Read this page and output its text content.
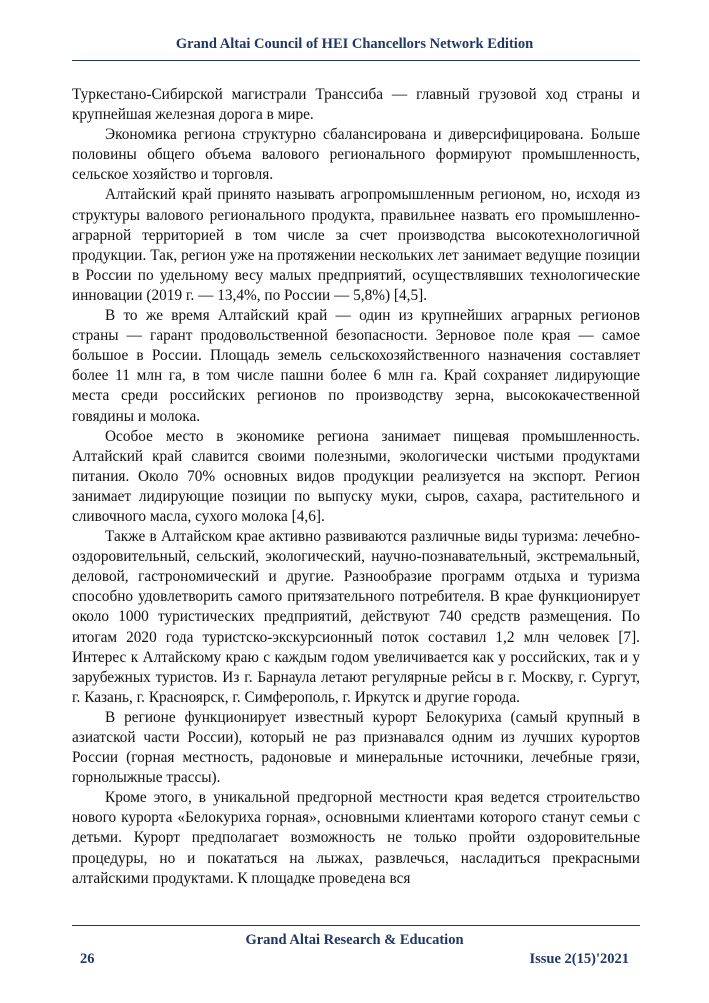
Grand Altai Council of HEI Chancellors Network Edition

Туркестано-Сибирской магистрали Транссиба — главный грузовой ход страны и крупнейшая железная дорога в мире.

Экономика региона структурно сбалансирована и диверсифицирована. Больше половины общего объема валового регионального формируют промышленность, сельское хозяйство и торговля.

Алтайский край принято называть агропромышленным регионом, но, исходя из структуры валового регионального продукта, правильнее назвать его промышленно-аграрной территорией в том числе за счет производства высокотехнологичной продукции. Так, регион уже на протяжении нескольких лет занимает ведущие позиции в России по удельному весу малых предприятий, осуществлявших технологические инновации (2019 г. — 13,4%, по России — 5,8%) [4,5].

В то же время Алтайский край — один из крупнейших аграрных регионов страны — гарант продовольственной безопасности. Зерновое поле края — самое большое в России. Площадь земель сельскохозяйственного назначения составляет более 11 млн га, в том числе пашни более 6 млн га. Край сохраняет лидирующие места среди российских регионов по производству зерна, высококачественной говядины и молока.

Особое место в экономике региона занимает пищевая промышленность. Алтайский край славится своими полезными, экологически чистыми продуктами питания. Около 70% основных видов продукции реализуется на экспорт. Регион занимает лидирующие позиции по выпуску муки, сыров, сахара, растительного и сливочного масла, сухого молока [4,6].

Также в Алтайском крае активно развиваются различные виды туризма: лечебно-оздоровительный, сельский, экологический, научно-познавательный, экстремальный, деловой, гастрономический и другие. Разнообразие программ отдыха и туризма способно удовлетворить самого притязательного потребителя. В крае функционирует около 1000 туристических предприятий, действуют 740 средств размещения. По итогам 2020 года туристско-экскурсионный поток составил 1,2 млн человек [7]. Интерес к Алтайскому краю с каждым годом увеличивается как у российских, так и у зарубежных туристов. Из г. Барнаула летают регулярные рейсы в г. Москву, г. Сургут, г. Казань, г. Красноярск, г. Симферополь, г. Иркутск и другие города.

В регионе функционирует известный курорт Белокуриха (самый крупный в азиатской части России), который не раз признавался одним из лучших курортов России (горная местность, радоновые и минеральные источники, лечебные грязи, горнолыжные трассы).

Кроме этого, в уникальной предгорной местности края ведется строительство нового курорта «Белокуриха горная», основными клиентами которого станут семьи с детьми. Курорт предполагает возможность не только пройти оздоровительные процедуры, но и покататься на лыжах, развлечься, насладиться прекрасными алтайскими продуктами. К площадке проведена вся

Grand Altai Research & Education
26	Issue 2(15)'2021
